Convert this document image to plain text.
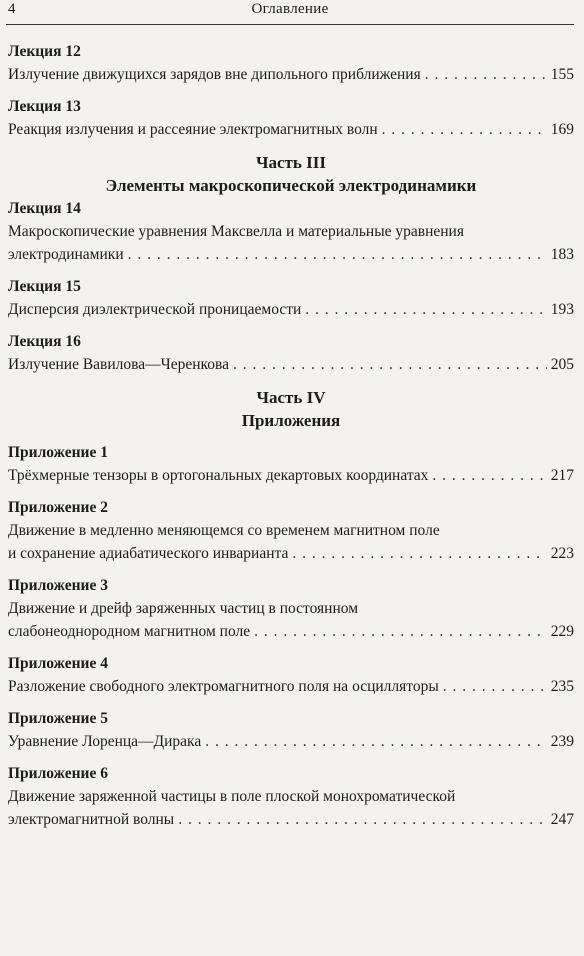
4	Оглавление
Лекция 12
Излучение движущихся зарядов вне дипольного приближения . . .	155
Лекция 13
Реакция излучения и рассеяние электромагнитных волн . . .	169
Часть III
Элементы макроскопической электродинамики
Лекция 14
Макроскопические уравнения Максвелла и материальные уравнения
электродинамики . . .	183
Лекция 15
Дисперсия диэлектрической проницаемости . . .	193
Лекция 16
Излучение Вавилова—Черенкова . . .	205
Часть IV
Приложения
Приложение 1
Трёхмерные тензоры в ортогональных декартовых координатах . . .	217
Приложение 2
Движение в медленно меняющемся со временем магнитном поле
и сохранение адиабатического инварианта . . .	223
Приложение 3
Движение и дрейф заряженных частиц в постоянном
слабонеоднородном магнитном поле . . .	229
Приложение 4
Разложение свободного электромагнитного поля на осцилляторы . . .	235
Приложение 5
Уравнение Лоренца—Дирака . . .	239
Приложение 6
Движение заряженной частицы в поле плоской монохроматической
электромагнитной волны . . .	247
